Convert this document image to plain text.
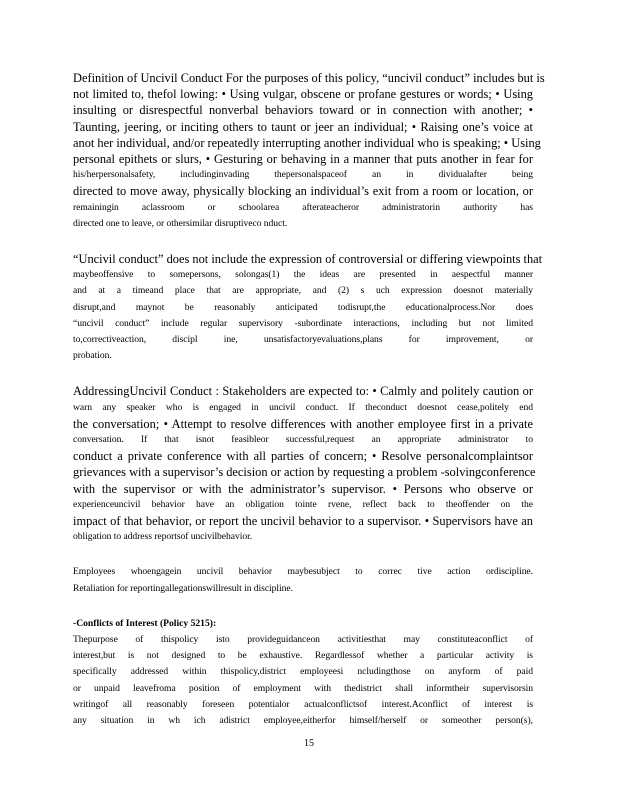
Definition of Uncivil Conduct For the purposes of this policy, “uncivil conduct” includes but is
not limited to, thefol lowing: • Using vulgar, obscene or profane gestures or words; • Using
insulting or disrespectful nonverbal behaviors toward or in connection with another; •
Taunting, jeering, or inciting others to taunt or jeer an individual; • Raising one’s voice at
anot her individual, and/or repeatedly interrupting another individual who is speaking; • Using
personal epithets or slurs, • Gesturing or behaving in a manner that puts another in fear for
his/herpersonalsafety, includinginvading thepersonalspaceof an in dividualafter being
directed to move away, physically blocking an individual’s exit from a room or location, or
remainingin aclassroom or schoolarea afterateacheror administratorin authority has
directed one to leave, or othersimilar disruptiveco nduct.

“Uncivil conduct” does not include the expression of controversial or differing viewpoints that
maybeoffensive to somepersons, solongas(1) the ideas are presented in aespectful manner
and at a timeand place that are appropriate, and (2) s uch expression doesnot materially
disrupt,and maynot be reasonably anticipated todisrupt,the educationalprocess.Nor does
“uncivil conduct” include regular supervisory -subordinate interactions, including but not limited
to,correctiveaction, discipl ine, unsatisfactoryevaluations,plans for improvement, or
probation.

AddressingUncivil Conduct : Stakeholders are expected to: • Calmly and politely caution or
warn any speaker who is engaged in uncivil conduct. If theconduct doesnot cease,politely end
the conversation; • Attempt to resolve differences with another employee first in a private
conversation. If that isnot feasibleor successful,request an appropriate administrator to
conduct a private conference with all parties of concern; • Resolve personalcomplaintsor
grievances with a supervisor’s decision or action by requesting a problem -solvingconference
with the supervisor or with the administrator’s supervisor. • Persons who observe or
experienceuncivil behavior have an obligation tointe rvene, reflect back to theoffender on the
impact of that behavior, or report the uncivil behavior to a supervisor. • Supervisors have an
obligation to address reportsof uncivilbehavior.

Employees whoengagein uncivil behavior maybesubject to correc tive action ordiscipline.
Retaliation for reportingallegationswillresult in discipline.

-Conflicts of Interest (Policy 5215):

Thepurpose of thispolicy isto provideguidanceon activitiesthat may constituteaconflict of
interest,but is not designed to be exhaustive. Regardlessof whether a particular activity is
specifically addressed within thispolicy,district employeesi ncludingthose on anyform of paid
or unpaid leavefroma position of employment with thedistrict shall informtheir supervisorsin
writingof all reasonably foreseen potentialor actualconflictsof interest.Aconflict of interest is
any situation in wh ich adistrict employee,eitherfor himself/herself or someother person(s),

15
